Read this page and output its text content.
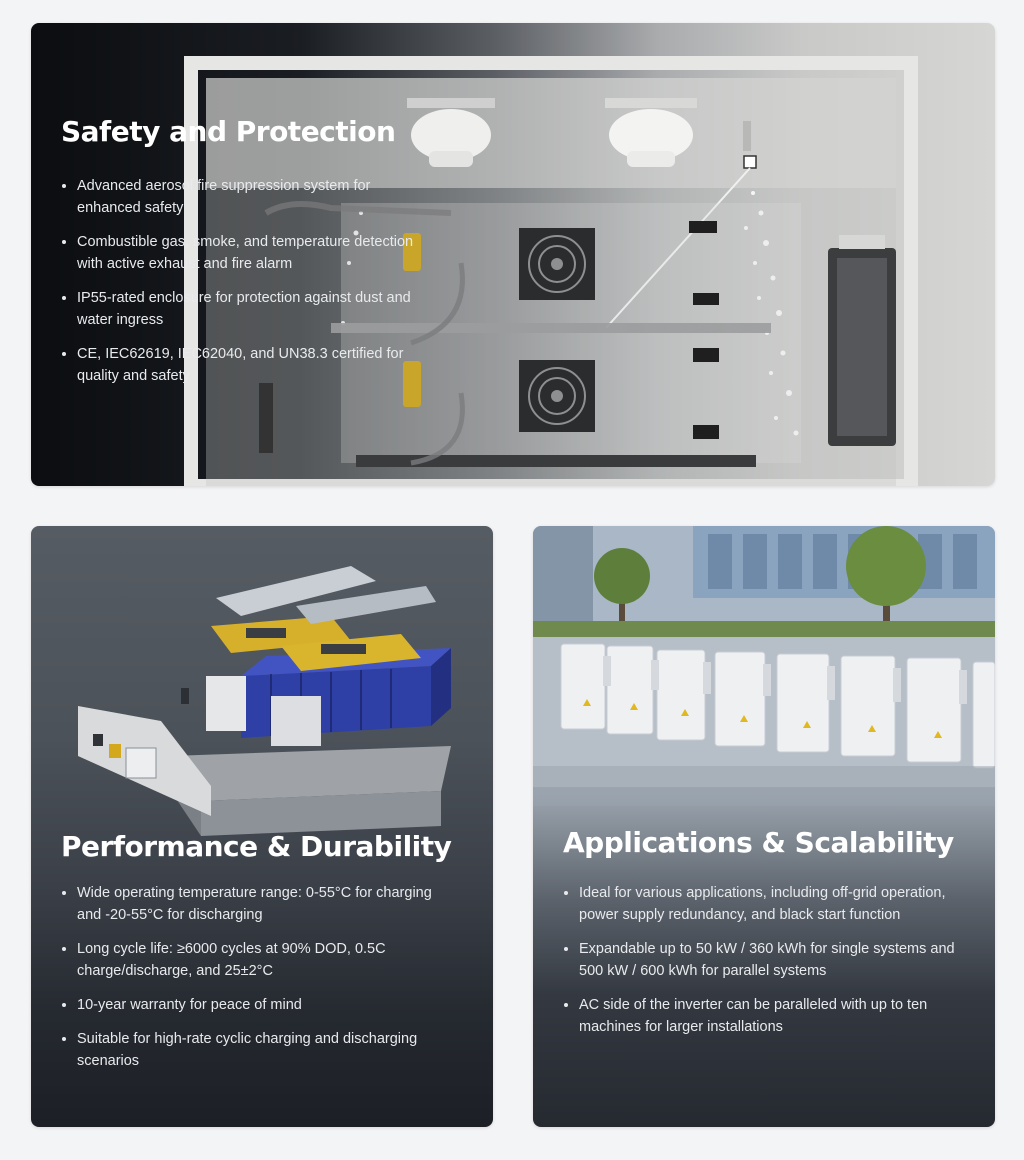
Safety and Protection
Advanced aerosol fire suppression system for enhanced safety
Combustible gas, smoke, and temperature detection with active exhaust and fire alarm
IP55-rated enclosure for protection against dust and water ingress
CE, IEC62619, IEC62040, and UN38.3 certified for quality and safety
Performance & Durability
Wide operating temperature range: 0-55°C for charging and -20-55°C for discharging
Long cycle life: ≥6000 cycles at 90% DOD, 0.5C charge/discharge, and 25±2°C
10-year warranty for peace of mind
Suitable for high-rate cyclic charging and discharging scenarios
Applications & Scalability
Ideal for various applications, including off-grid operation, power supply redundancy, and black start function
Expandable up to 50 kW / 360 kWh for single systems and 500 kW / 600 kWh for parallel systems
AC side of the inverter can be paralleled with up to ten machines for larger installations
